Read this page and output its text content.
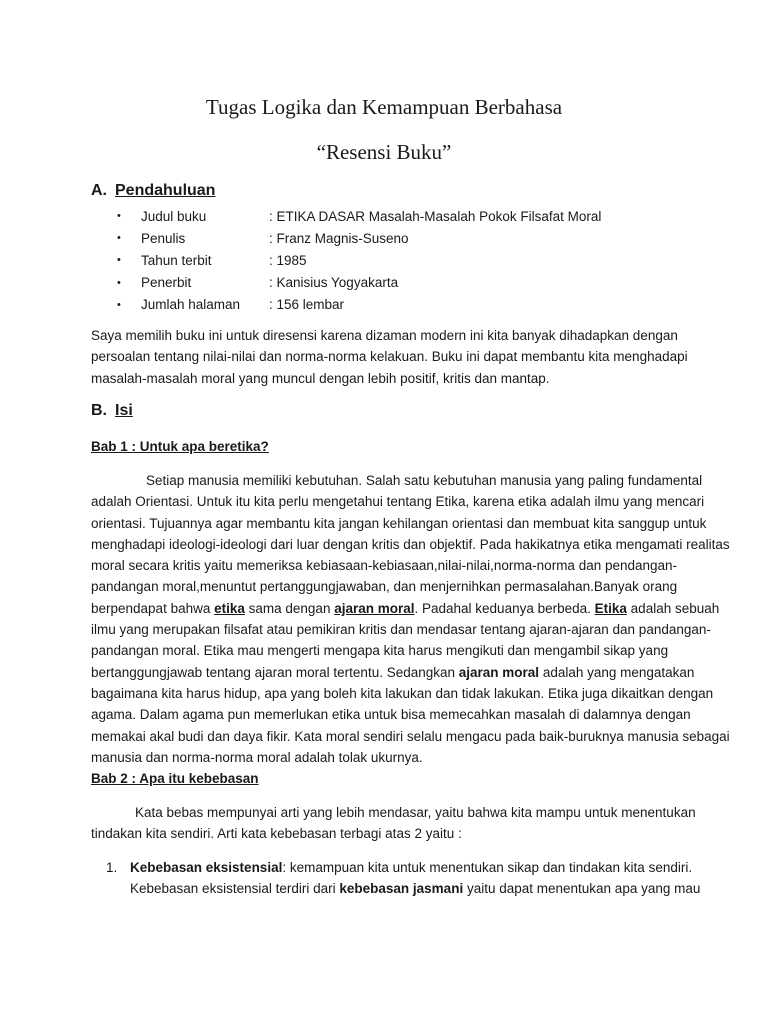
Tugas Logika dan Kemampuan Berbahasa
“Resensi Buku”
A. Pendahuluan
•	Judul buku	: ETIKA DASAR Masalah-Masalah Pokok Filsafat Moral
•	Penulis	: Franz Magnis-Suseno
•	Tahun terbit	: 1985
•	Penerbit	: Kanisius Yogyakarta
•	Jumlah halaman	: 156 lembar
Saya memilih buku ini untuk diresensi karena dizaman modern ini kita banyak dihadapkan dengan
persoalan tentang nilai-nilai dan norma-norma kelakuan. Buku ini dapat membantu kita menghadapi
masalah-masalah moral yang muncul dengan lebih positif, kritis dan mantap.
B. Isi
Bab 1 : Untuk apa beretika?
Setiap manusia memiliki kebutuhan. Salah satu kebutuhan manusia yang paling fundamental
adalah Orientasi. Untuk itu kita perlu mengetahui tentang Etika, karena etika adalah ilmu yang mencari
orientasi. Tujuannya agar membantu kita jangan kehilangan orientasi dan membuat kita sanggup untuk
menghadapi ideologi-ideologi dari luar dengan kritis dan objektif. Pada hakikatnya etika mengamati realitas
moral secara kritis yaitu memeriksa kebiasaan-kebiasaan,nilai-nilai,norma-norma dan pendangan-
pandangan moral,menuntut pertanggungjawaban, dan menjernihkan permasalahan.Banyak orang
berpendapat bahwa etika sama dengan ajaran moral. Padahal keduanya berbeda. Etika adalah sebuah
ilmu yang merupakan filsafat atau pemikiran kritis dan mendasar tentang ajaran-ajaran dan pandangan-
pandangan moral. Etika mau mengerti mengapa kita harus mengikuti dan mengambil sikap yang
bertanggungjawab tentang ajaran moral tertentu. Sedangkan ajaran moral adalah yang mengatakan
bagaimana kita harus hidup, apa yang boleh kita lakukan dan tidak lakukan. Etika juga dikaitkan dengan
agama. Dalam agama pun memerlukan etika untuk bisa memecahkan masalah di dalamnya dengan
memakai akal budi dan daya fikir. Kata moral sendiri selalu mengacu pada baik-buruknya manusia sebagai
manusia dan norma-norma moral adalah tolak ukurnya.
Bab 2 : Apa itu kebebasan
Kata bebas mempunyai arti yang lebih mendasar, yaitu bahwa kita mampu untuk menentukan
tindakan kita sendiri. Arti kata kebebasan terbagi atas 2 yaitu :
1. Kebebasan eksistensial : kemampuan kita untuk menentukan sikap dan tindakan kita sendiri.
Kebebasan eksistensial terdiri dari kebebasan jasmani yaitu dapat menentukan apa yang mau
